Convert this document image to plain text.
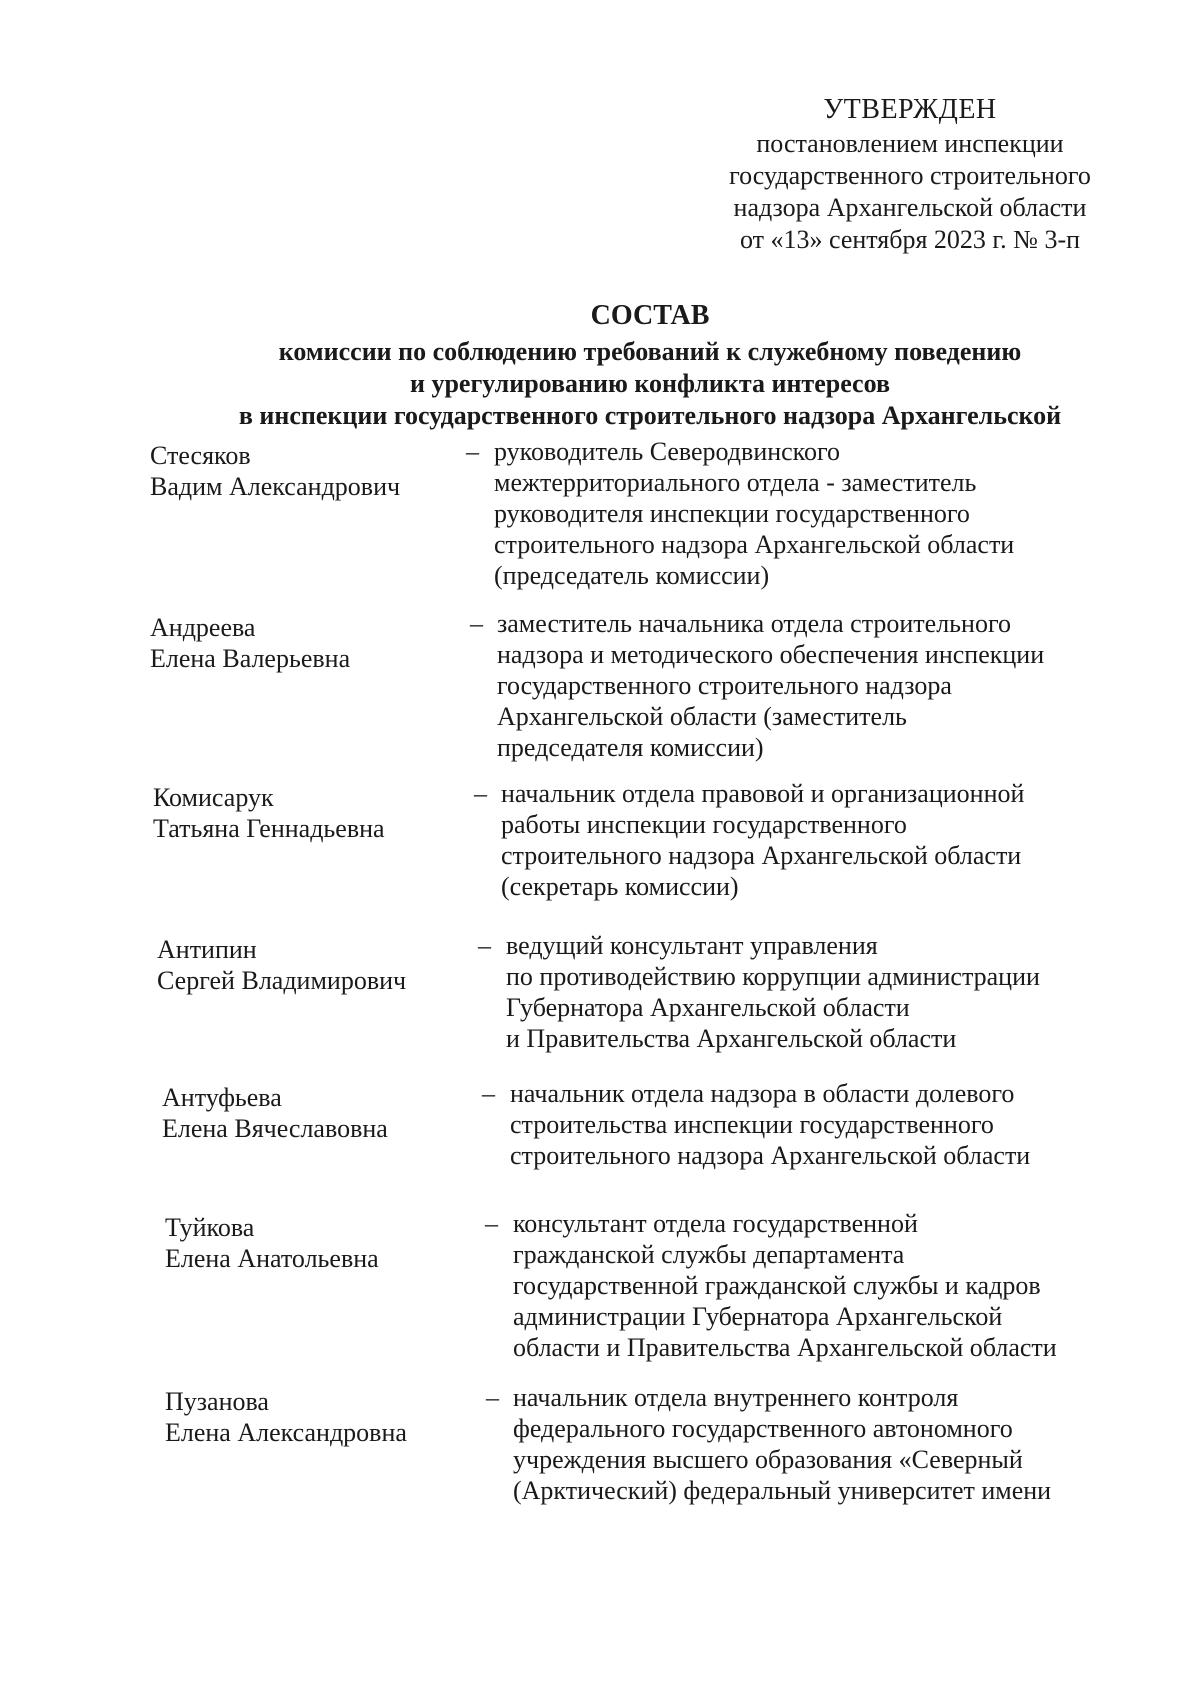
УТВЕРЖДЕН
постановлением инспекции
государственного строительного
надзора Архангельской области
от «13» сентября 2023 г. № 3-п
СОСТАВ
комиссии по соблюдению требований к служебному поведению
и урегулированию конфликта интересов
в инспекции государственного строительного надзора Архангельской
Стесяков
Вадим Александрович
– руководитель Северодвинского
межтерриториального отдела - заместитель
руководителя инспекции государственного
строительного надзора Архангельской области
(председатель комиссии)
Андреева
Елена Валерьевна
– заместитель начальника отдела строительного
надзора и методического обеспечения инспекции
государственного строительного надзора
Архангельской области (заместитель
председателя комиссии)
Комисарук
Татьяна Геннадьевна
– начальник отдела правовой и организационной
работы инспекции государственного
строительного надзора Архангельской области
(секретарь комиссии)
Антипин
Сергей Владимирович
– ведущий консультант управления
по противодействию коррупции администрации
Губернатора Архангельской области
и Правительства Архангельской области
Антуфьева
Елена Вячеславовна
– начальник отдела надзора в области долевого
строительства инспекции государственного
строительного надзора Архангельской области
Туйкова
Елена Анатольевна
– консультант отдела государственной
гражданской службы департамента
государственной гражданской службы и кадров
администрации Губернатора Архангельской
области и Правительства Архангельской области
Пузанова
Елена Александровна
– начальник отдела внутреннего контроля
федерального государственного автономного
учреждения высшего образования «Северный
(Арктический) федеральный университет имени
